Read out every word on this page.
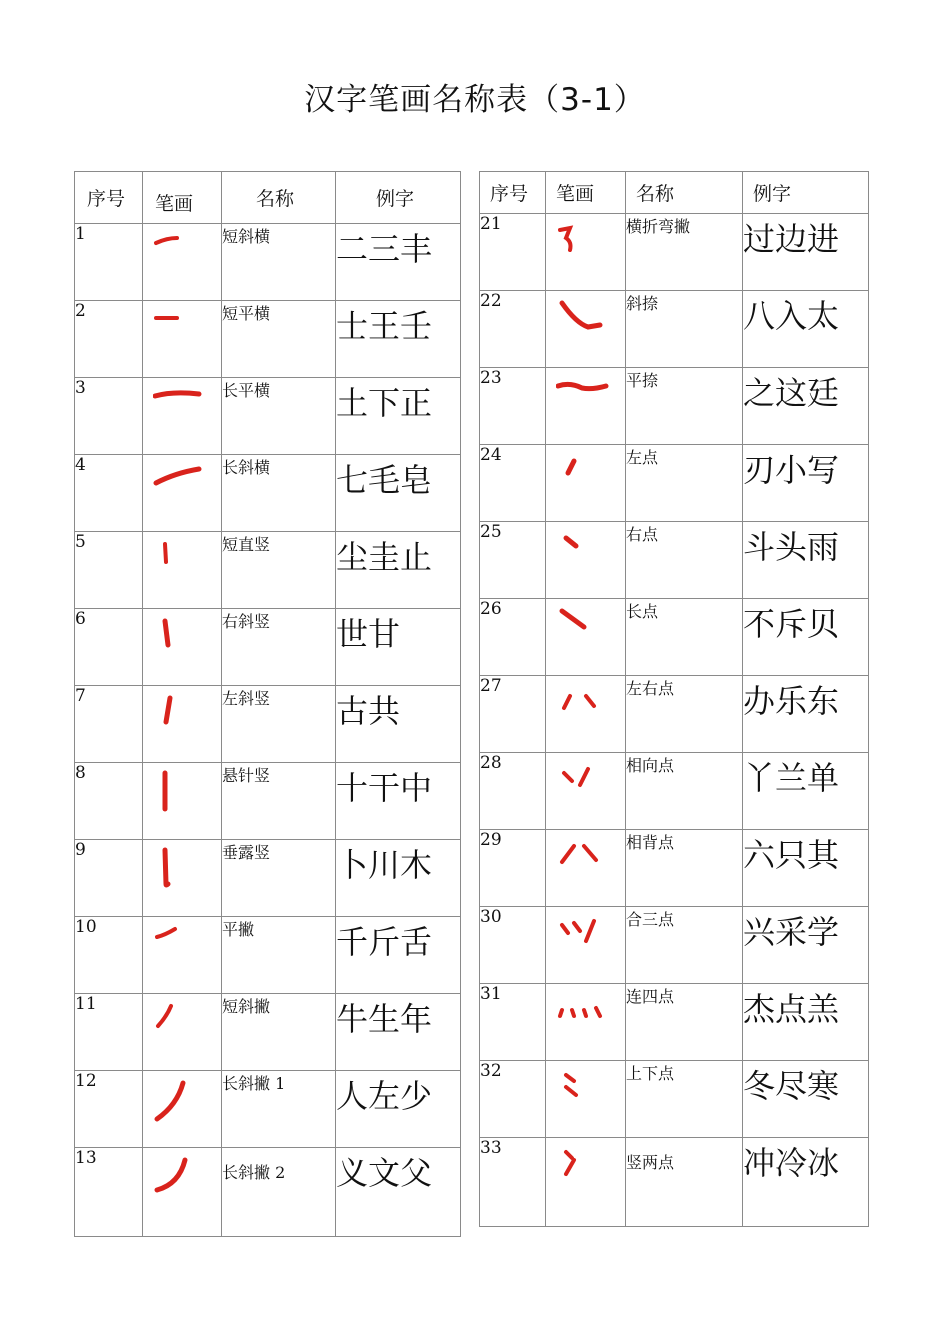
汉字笔画名称表（3-1）
序号	笔画	名称	例字
1		短斜横	二三丰
2		短平横	士王壬
3		长平横	土下正
4		长斜横	七毛皂
5		短直竖	尘圭止
6		右斜竖	世甘
7		左斜竖	古共
8		悬针竖	十干中
9		垂露竖	卜川木
10		平撇	千斤舌
11		短斜撇	牛生年
12		长斜撇 1	人左少
13		长斜撇 2	义文父
序号	笔画	名称	例字
21		横折弯撇	过边进
22		斜捺	八入太
23		平捺	之这廷
24		左点	刃小写
25		右点	斗头雨
26		长点	不斥贝
27		左右点	办乐东
28		相向点	丫兰单
29		相背点	六只其
30		合三点	兴采学
31		连四点	杰点羔
32		上下点	冬尽寒
33		竖两点	冲冷冰
